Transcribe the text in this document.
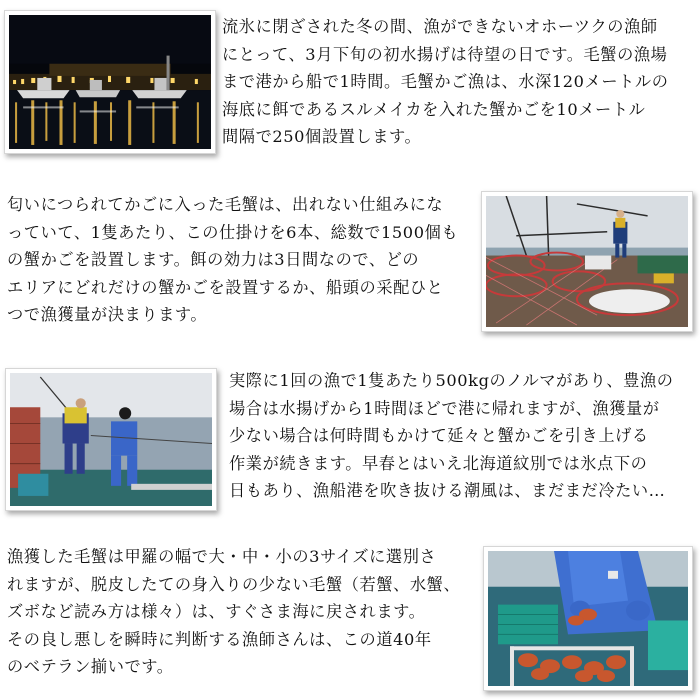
流氷に閉ざされた冬の間、漁ができないオホーツクの漁師
にとって、3月下旬の初水揚げは待望の日です。毛蟹の漁場
まで港から船で1時間。毛蟹かご漁は、水深120メートルの
海底に餌であるスルメイカを入れた蟹かごを10メートル
間隔で250個設置します。

匂いにつられてかごに入った毛蟹は、出れない仕組みにな
っていて、1隻あたり、この仕掛けを6本、総数で1500個も
の蟹かごを設置します。餌の効力は3日間なので、どの
エリアにどれだけの蟹かごを設置するか、船頭の采配ひと
つで漁獲量が決まります。

実際に1回の漁で1隻あたり500kgのノルマがあり、豊漁の
場合は水揚げから1時間ほどで港に帰れますが、漁獲量が
少ない場合は何時間もかけて延々と蟹かごを引き上げる
作業が続きます。早春とはいえ北海道紋別では氷点下の
日もあり、漁船港を吹き抜ける潮風は、まだまだ冷たい…

漁獲した毛蟹は甲羅の幅で大・中・小の3サイズに選別さ
れますが、脱皮したての身入りの少ない毛蟹（若蟹、水蟹、
ズボなど読み方は様々）は、すぐさま海に戻されます。
その良し悪しを瞬時に判断する漁師さんは、この道40年
のベテラン揃いです。
